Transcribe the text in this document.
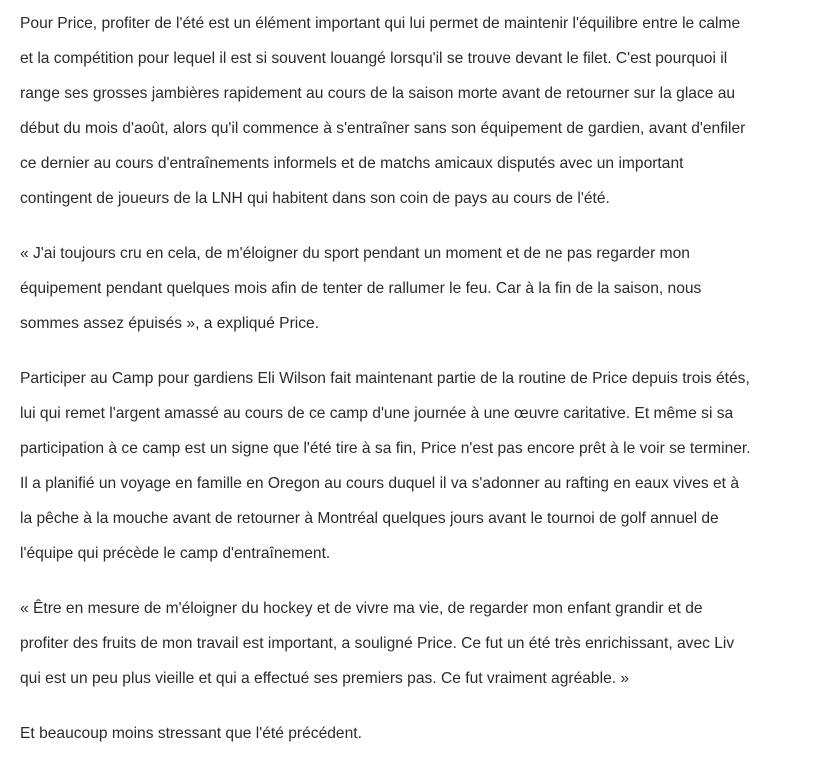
Pour Price, profiter de l'été est un élément important qui lui permet de maintenir l'équilibre entre le calme
et la compétition pour lequel il est si souvent louangé lorsqu'il se trouve devant le filet. C'est pourquoi il
range ses grosses jambières rapidement au cours de la saison morte avant de retourner sur la glace au
début du mois d'août, alors qu'il commence à s'entraîner sans son équipement de gardien, avant d'enfiler
ce dernier au cours d'entraînements informels et de matchs amicaux disputés avec un important
contingent de joueurs de la LNH qui habitent dans son coin de pays au cours de l'été.

« J'ai toujours cru en cela, de m'éloigner du sport pendant un moment et de ne pas regarder mon
équipement pendant quelques mois afin de tenter de rallumer le feu. Car à la fin de la saison, nous
sommes assez épuisés », a expliqué Price.

Participer au Camp pour gardiens Eli Wilson fait maintenant partie de la routine de Price depuis trois étés,
lui qui remet l'argent amassé au cours de ce camp d'une journée à une œuvre caritative. Et même si sa
participation à ce camp est un signe que l'été tire à sa fin, Price n'est pas encore prêt à le voir se terminer.
Il a planifié un voyage en famille en Oregon au cours duquel il va s'adonner au rafting en eaux vives et à
la pêche à la mouche avant de retourner à Montréal quelques jours avant le tournoi de golf annuel de
l'équipe qui précède le camp d'entraînement.

« Être en mesure de m'éloigner du hockey et de vivre ma vie, de regarder mon enfant grandir et de
profiter des fruits de mon travail est important, a souligné Price. Ce fut un été très enrichissant, avec Liv
qui est un peu plus vieille et qui a effectué ses premiers pas. Ce fut vraiment agréable. »

Et beaucoup moins stressant que l'été précédent.
